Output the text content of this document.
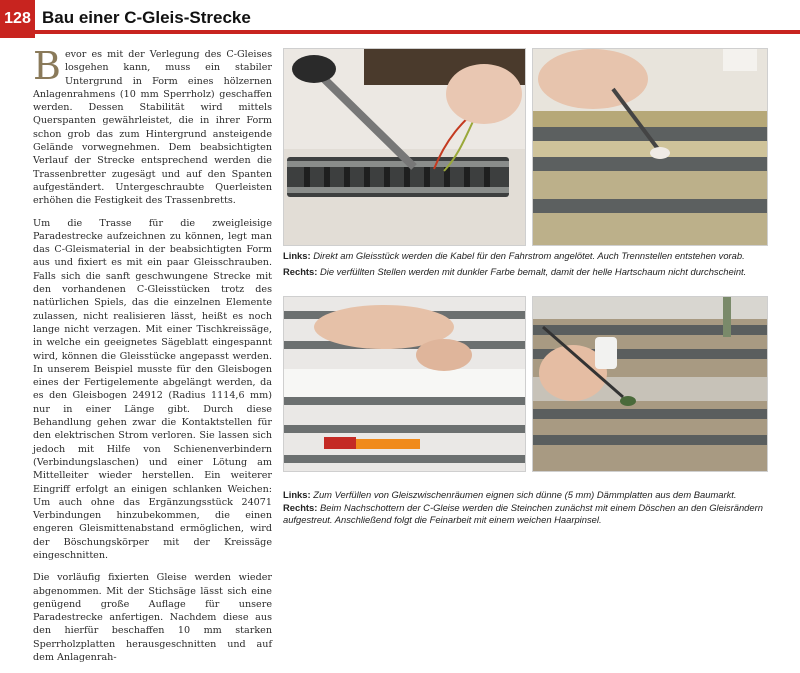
128 Bau einer C-Gleis-Strecke

Bevor es mit der Verlegung des C-Gleises losgehen kann, muss ein stabiler Untergrund in Form eines hölzernen Anlagenrahmens (10 mm Sperrholz) geschaffen werden. Dessen Stabilität wird mittels Querspanten gewährleistet, die in ihrer Form schon grob das zum Hintergrund ansteigende Gelände vorwegnehmen. Dem beabsichtigten Verlauf der Strecke entsprechend werden die Trassenbretter zugesägt und auf den Spanten aufgeständert. Untergeschraubte Querleisten erhöhen die Festigkeit des Trassenbretts.

Um die Trasse für die zweigleisige Paradestrecke aufzeichnen zu können, legt man das C-Gleismaterial in der beabsichtigten Form aus und fixiert es mit ein paar Gleisschrauben. Falls sich die sanft geschwungene Strecke mit den vorhandenen C-Gleisstücken trotz des natürlichen Spiels, das die einzelnen Elemente zulassen, nicht realisieren lässt, heißt es noch lange nicht verzagen. Mit einer Tischkreissäge, in welche ein geeignetes Sägeblatt eingespannt wird, können die Gleisstücke angepasst werden. In unserem Beispiel musste für den Gleisbogen eines der Fertigelemente abgelängt werden, da es den Gleisbogen 24912 (Radius 1114,6 mm) nur in einer Länge gibt. Durch diese Behandlung gehen zwar die Kontaktstellen für den elektrischen Strom verloren. Sie lassen sich jedoch mit Hilfe von Schienenverbindern (Verbindungslaschen) und einer Lötung am Mittelleiter wieder herstellen. Ein weiterer Eingriff erfolgt an einigen schlanken Weichen: Um auch ohne das Ergänzungsstück 24071 Verbindungen hinzubekommen, die einen engeren Gleismittenabstand ermöglichen, wird der Böschungskörper mit der Kreissäge eingeschnitten.

Die vorläufig fixierten Gleise werden wieder abgenommen. Mit der Stichsäge lässt sich eine genügend große Auflage für unsere Paradestrecke anfertigen. Nachdem diese aus den hierfür beschaffen 10 mm starken Sperrholzplatten herausgeschnitten und auf dem Anlagenrah-

Links: Direkt am Gleisstück werden die Kabel für den Fahrstrom angelötet. Auch Trennstellen entstehen vorab.
Rechts: Die verfüllten Stellen werden mit dunkler Farbe bemalt, damit der helle Hartschaum nicht durchscheint.
Links: Zum Verfüllen von Gleiszwischenräumen eignen sich dünne (5 mm) Dämmplatten aus dem Baumarkt.
Rechts: Beim Nachschottern der C-Gleise werden die Steinchen zunächst mit einem Döschen an den Gleisrändern aufgestreut. Anschließend folgt die Feinarbeit mit einem weichen Haarpinsel.
